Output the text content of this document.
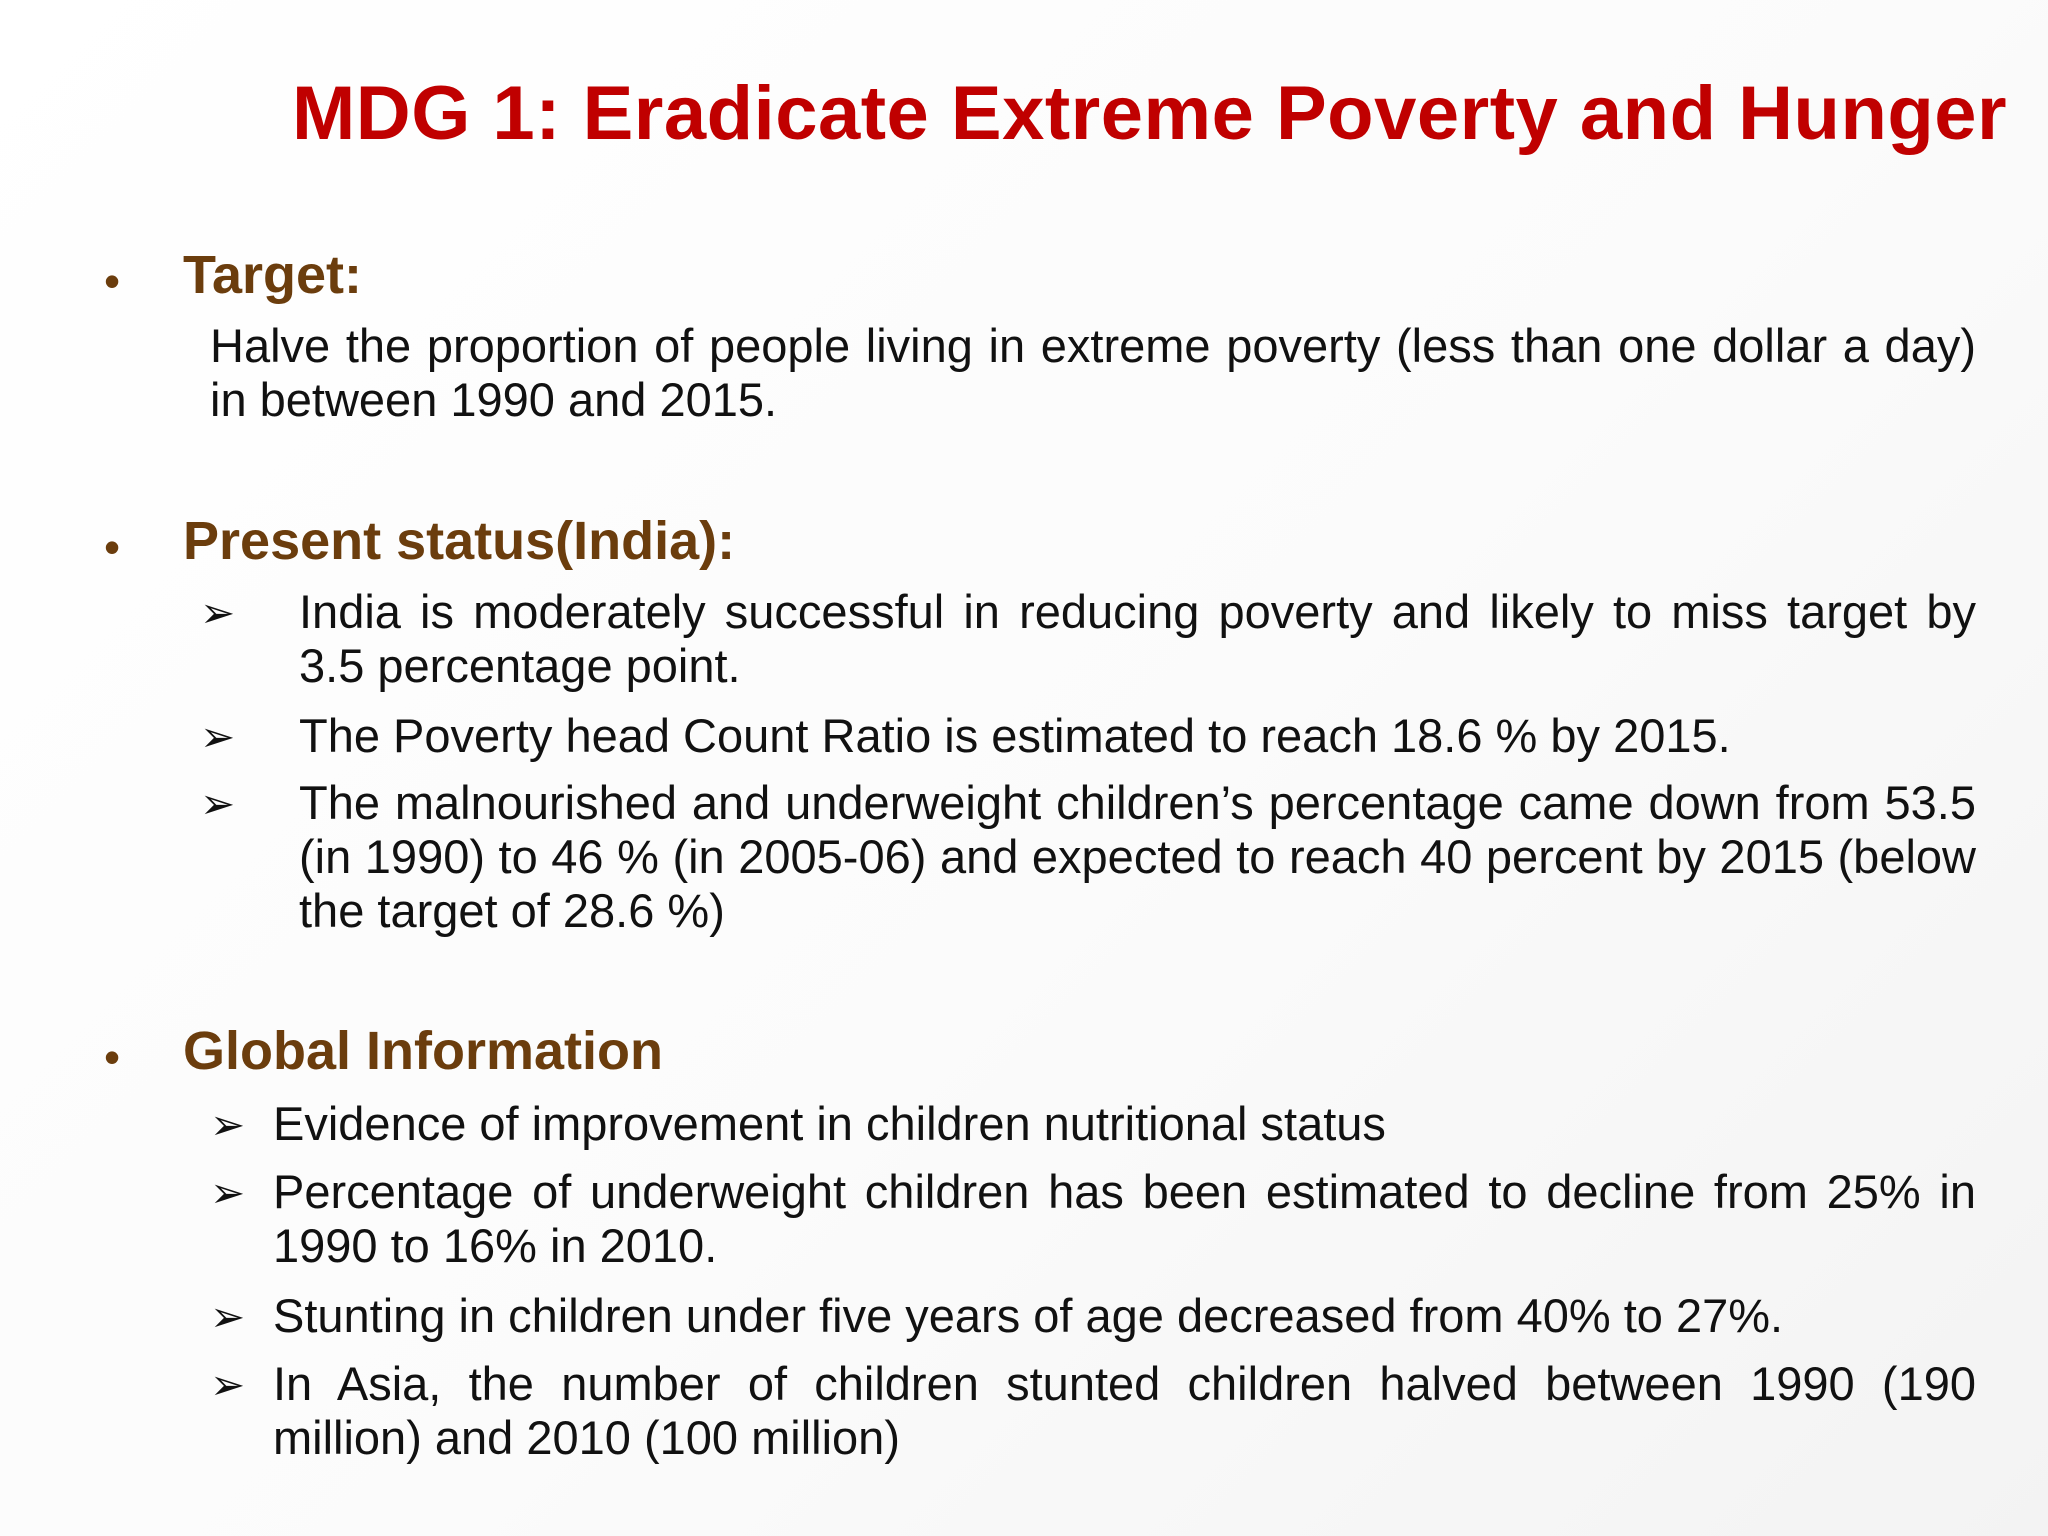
MDG 1: Eradicate Extreme Poverty and Hunger
• Target:

Halve the proportion of people living in extreme poverty (less than one dollar a day) in between 1990 and 2015.

• Present status(India):
➢ India is moderately successful in reducing poverty and likely to miss target by 3.5 percentage point.

➢ The Poverty head Count Ratio is estimated to reach 18.6 % by 2015.

➢ The malnourished and underweight children’s percentage came down from 53.5 (in 1990) to 46 % (in 2005-06) and expected to reach 40 percent by 2015 (below the target of 28.6 %)

• Global Information
➢ Evidence of improvement in children nutritional status

➢ Percentage of underweight children has been estimated to decline from 25% in 1990 to 16% in 2010.

➢ Stunting in children under five years of age decreased from 40% to 27%.

➢ In Asia, the number of children stunted children halved between 1990 (190 million) and 2010 (100 million)
